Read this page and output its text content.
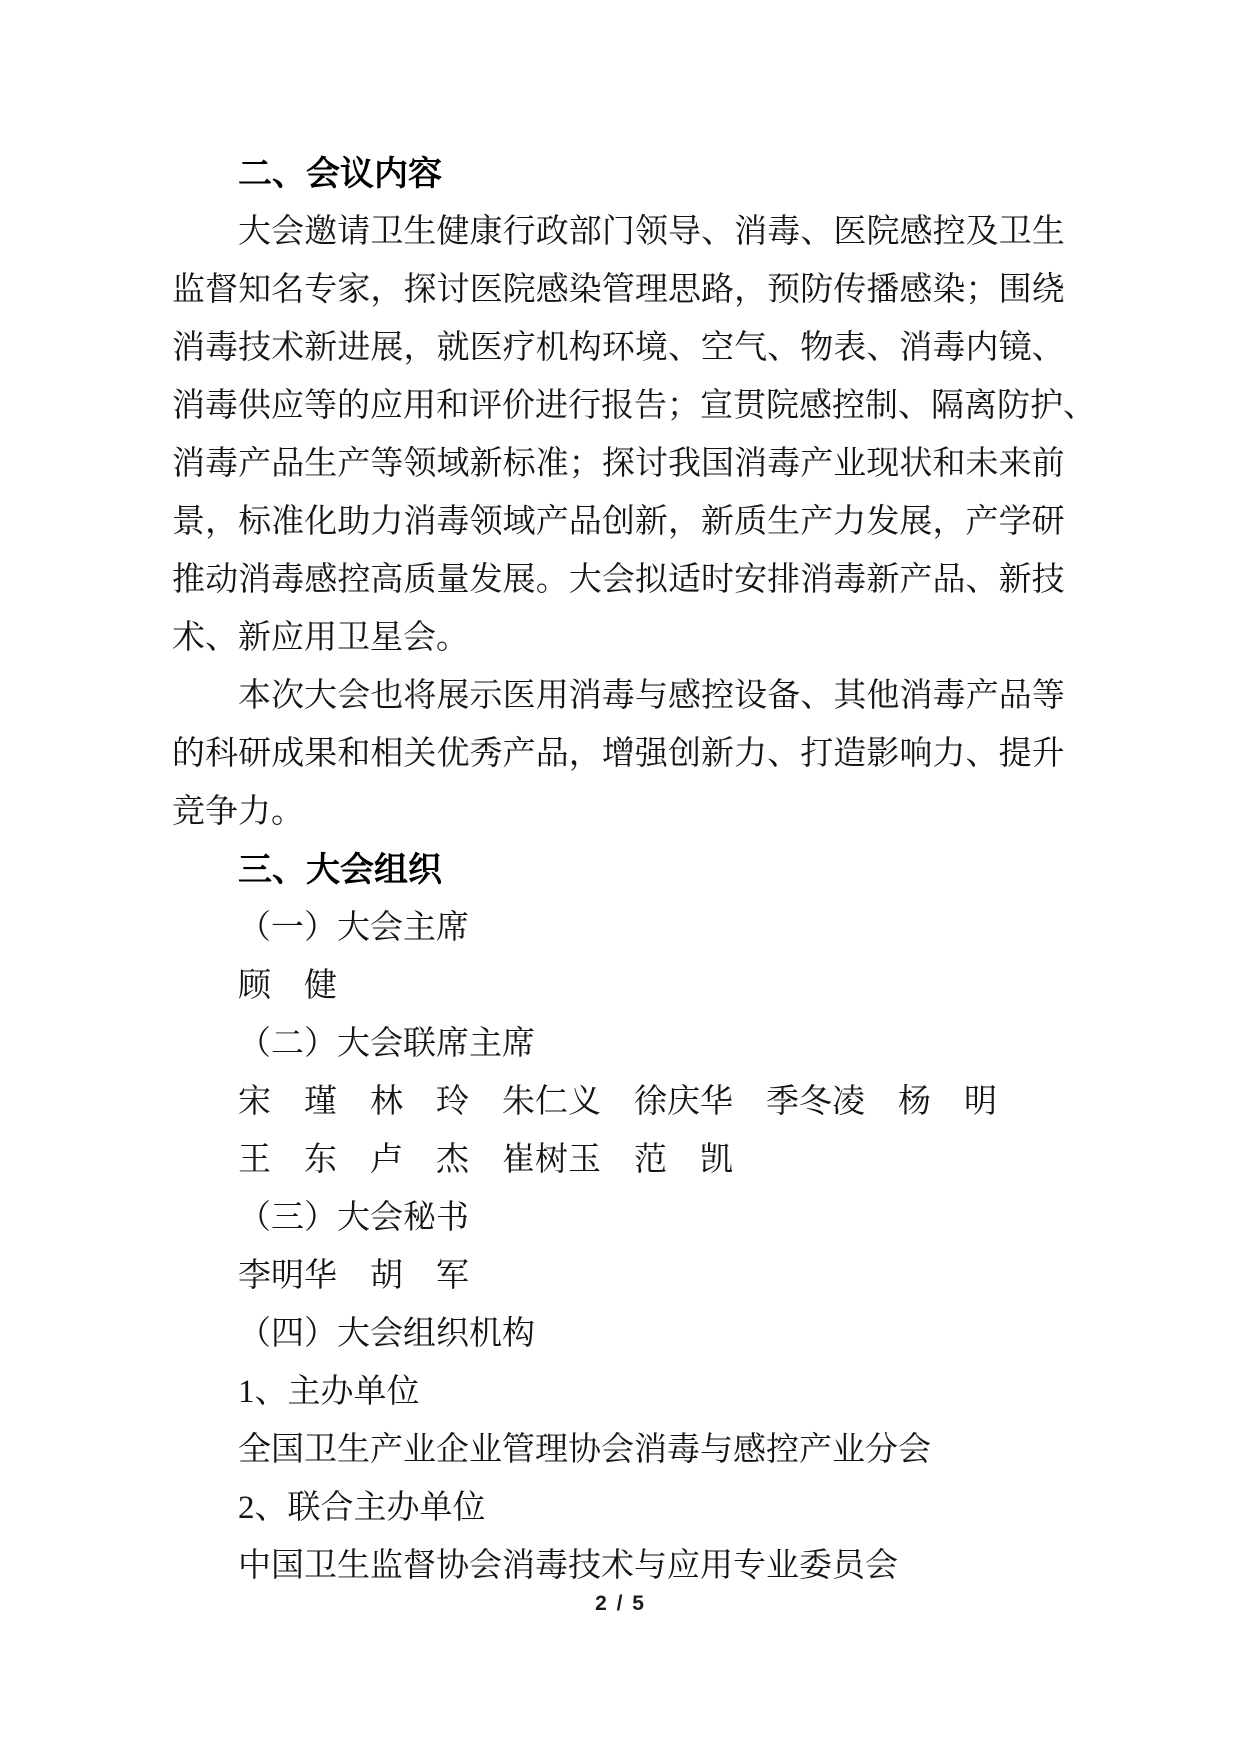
二、会议内容
大 会 邀 请 卫 生 健 康 行 政 部 门 领 导 、 消 毒 、 医 院 感 控 及 卫 生
监 督 知 名 专 家 ， 探 讨 医 院 感 染 管 理 思 路 ， 预 防 传 播 感 染 ； 围 绕
消 毒 技 术 新 进 展 ， 就 医 疗 机 构 环 境 、 空 气 、 物 表 、 消 毒 内 镜 、
消 毒 供 应 等 的 应 用 和 评 价 进 行 报 告 ； 宣 贯 院 感 控 制 、 隔 离 防 护 、
消 毒 产 品 生 产 等 领 域 新 标 准 ； 探 讨 我 国 消 毒 产 业 现 状 和 未 来 前
景 ， 标 准 化 助 力 消 毒 领 域 产 品 创 新 ， 新 质 生 产 力 发 展 ， 产 学 研
推 动 消 毒 感 控 高 质 量 发 展 。 大 会 拟 适 时 安 排 消 毒 新 产 品 、 新 技
术、新应用卫星会。
本 次 大 会 也 将 展 示 医 用 消 毒 与 感 控 设 备 、 其 他 消 毒 产 品 等
的 科 研 成 果 和 相 关 优 秀 产 品 ， 增 强 创 新 力 、 打 造 影 响 力 、 提 升
竞争力。
三、大会组织
（一）大会主席
顾　健
（二）大会联席主席
宋　瑾　林　玲　朱仁义　徐庆华　季冬凌　杨　明
王　东　卢　杰　崔树玉　范　凯
（三）大会秘书
李明华　胡　军
（四）大会组织机构
1、主办单位
全国卫生产业企业管理协会消毒与感控产业分会
2、联合主办单位
中国卫生监督协会消毒技术与应用专业委员会
2 / 5
